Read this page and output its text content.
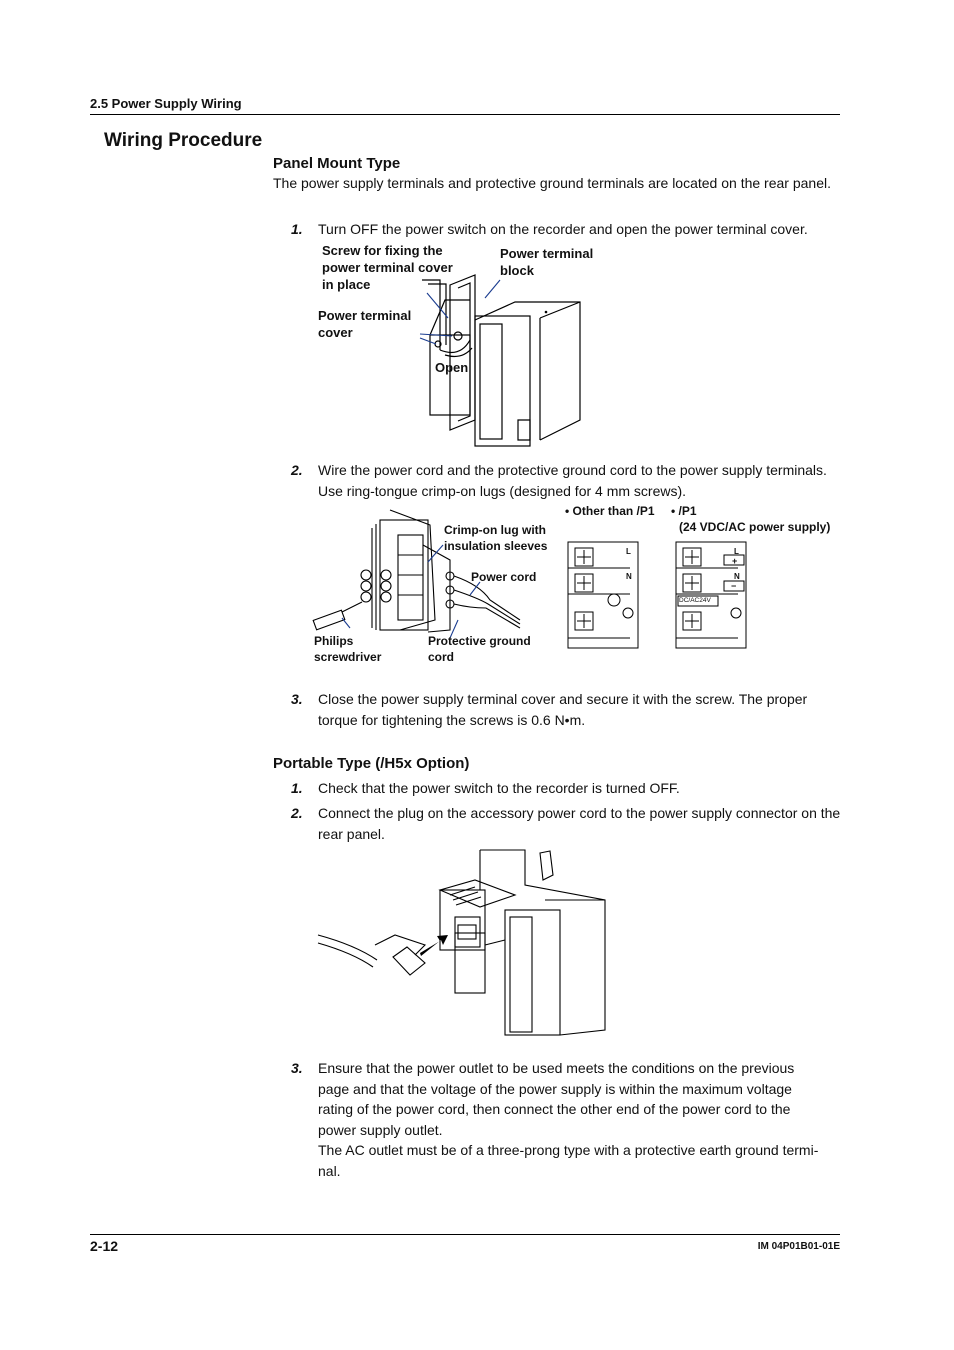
2.5 Power Supply Wiring
Wiring Procedure
Panel Mount Type
The power supply terminals and protective ground terminals are located on the rear panel.
1. Turn OFF the power switch on the recorder and open the power terminal cover.
Screw for fixing the power terminal cover in place
Power terminal block
Power terminal cover
Open
2. Wire the power cord and the protective ground cord to the power supply terminals. Use ring-tongue crimp-on lugs (designed for 4 mm screws).
Crimp-on lug with insulation sleeves
Power cord
Philips screwdriver
Protective ground cord
• Other than /P1 • /P1
(24 VDC/AC power supply)
L
N
L
+
N
−
DC/AC24V
3. Close the power supply terminal cover and secure it with the screw. The proper torque for tightening the screws is 0.6 N•m.
Portable Type (/H5x Option)
1. Check that the power switch to the recorder is turned OFF.
2. Connect the plug on the accessory power cord to the power supply connector on the rear panel.
3. Ensure that the power outlet to be used meets the conditions on the previous page and that the voltage of the power supply is within the maximum voltage rating of the power cord, then connect the other end of the power cord to the power supply outlet.
The AC outlet must be of a three-prong type with a protective earth ground termi-nal.
2-12	IM 04P01B01-01E
